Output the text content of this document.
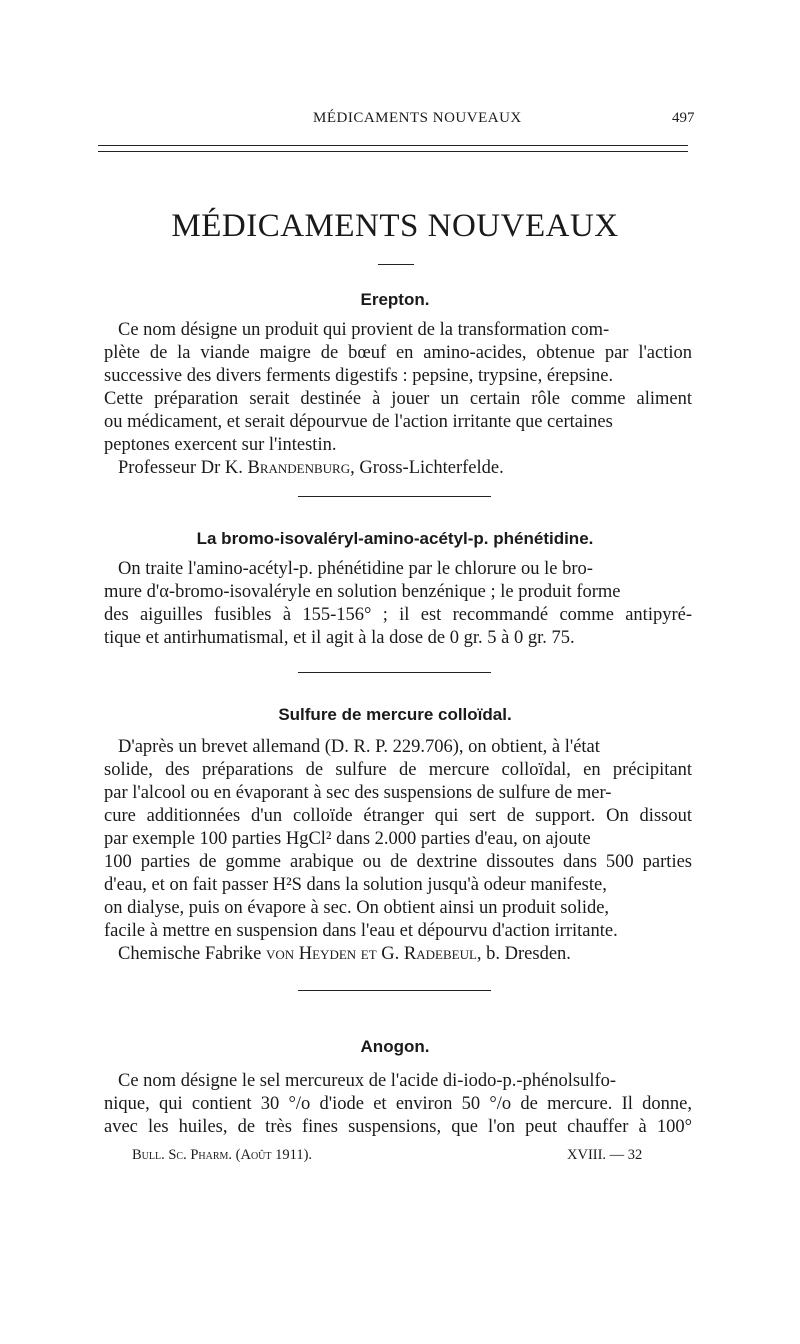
MÉDICAMENTS NOUVEAUX	497
MÉDICAMENTS NOUVEAUX
Erepton.
Ce nom désigne un produit qui provient de la transformation com-
plète de la viande maigre de bœuf en amino-acides, obtenue par l'action
successive des divers ferments digestifs : pepsine, trypsine, érepsine.
Cette préparation serait destinée à jouer un certain rôle comme aliment
ou médicament, et serait dépourvue de l'action irritante que certaines
peptones exercent sur l'intestin.
Professeur Dr K. Brandenburg, Gross-Lichterfelde.
La bromo-isovaléryl-amino-acétyl-p. phénétidine.
On traite l'amino-acétyl-p. phénétidine par le chlorure ou le bro-
mure d'α-bromo-isovaléryle en solution benzénique ; le produit forme
des aiguilles fusibles à 155-156° ; il est recommandé comme antipyré-
tique et antirhumatismal, et il agit à la dose de 0 gr. 5 à 0 gr. 75.
Sulfure de mercure colloïdal.
D'après un brevet allemand (D. R. P. 229.706), on obtient, à l'état
solide, des préparations de sulfure de mercure colloïdal, en précipitant
par l'alcool ou en évaporant à sec des suspensions de sulfure de mer-
cure additionnées d'un colloïde étranger qui sert de support. On dissout
par exemple 100 parties HgCl² dans 2.000 parties d'eau, on ajoute
100 parties de gomme arabique ou de dextrine dissoutes dans 500 parties
d'eau, et on fait passer H²S dans la solution jusqu'à odeur manifeste,
on dialyse, puis on évapore à sec. On obtient ainsi un produit solide,
facile à mettre en suspension dans l'eau et dépourvu d'action irritante.
Chemische Fabrike von Heyden et G. Radebeul, b. Dresden.
Anogon.
Ce nom désigne le sel mercureux de l'acide di-iodo-p.-phénolsulfo-
nique, qui contient 30 °/o d'iode et environ 50 °/o de mercure. Il donne,
avec les huiles, de très fines suspensions, que l'on peut chauffer à 100°
Bull. Sc. Pharm. (Août 1911).	XVIII. — 32
